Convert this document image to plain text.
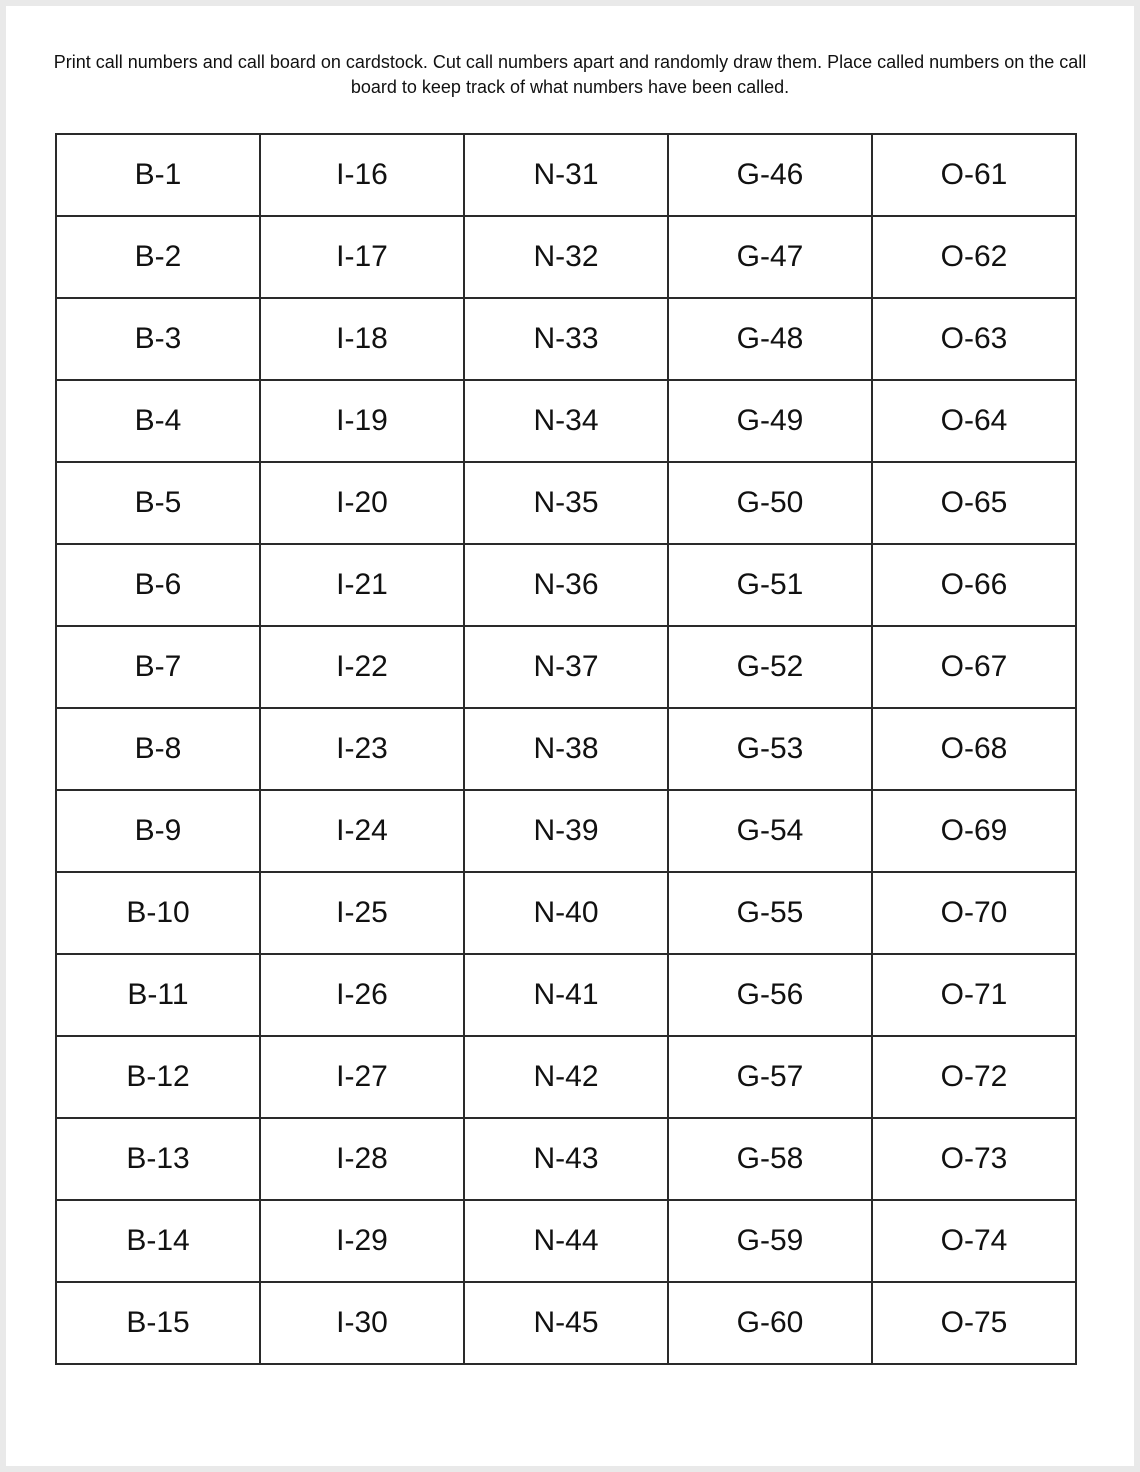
Print call numbers and call board on cardstock. Cut call numbers apart and randomly draw them. Place called numbers on the call board to keep track of what numbers have been called.

B-1	I-16	N-31	G-46	O-61
B-2	I-17	N-32	G-47	O-62
B-3	I-18	N-33	G-48	O-63
B-4	I-19	N-34	G-49	O-64
B-5	I-20	N-35	G-50	O-65
B-6	I-21	N-36	G-51	O-66
B-7	I-22	N-37	G-52	O-67
B-8	I-23	N-38	G-53	O-68
B-9	I-24	N-39	G-54	O-69
B-10	I-25	N-40	G-55	O-70
B-11	I-26	N-41	G-56	O-71
B-12	I-27	N-42	G-57	O-72
B-13	I-28	N-43	G-58	O-73
B-14	I-29	N-44	G-59	O-74
B-15	I-30	N-45	G-60	O-75
